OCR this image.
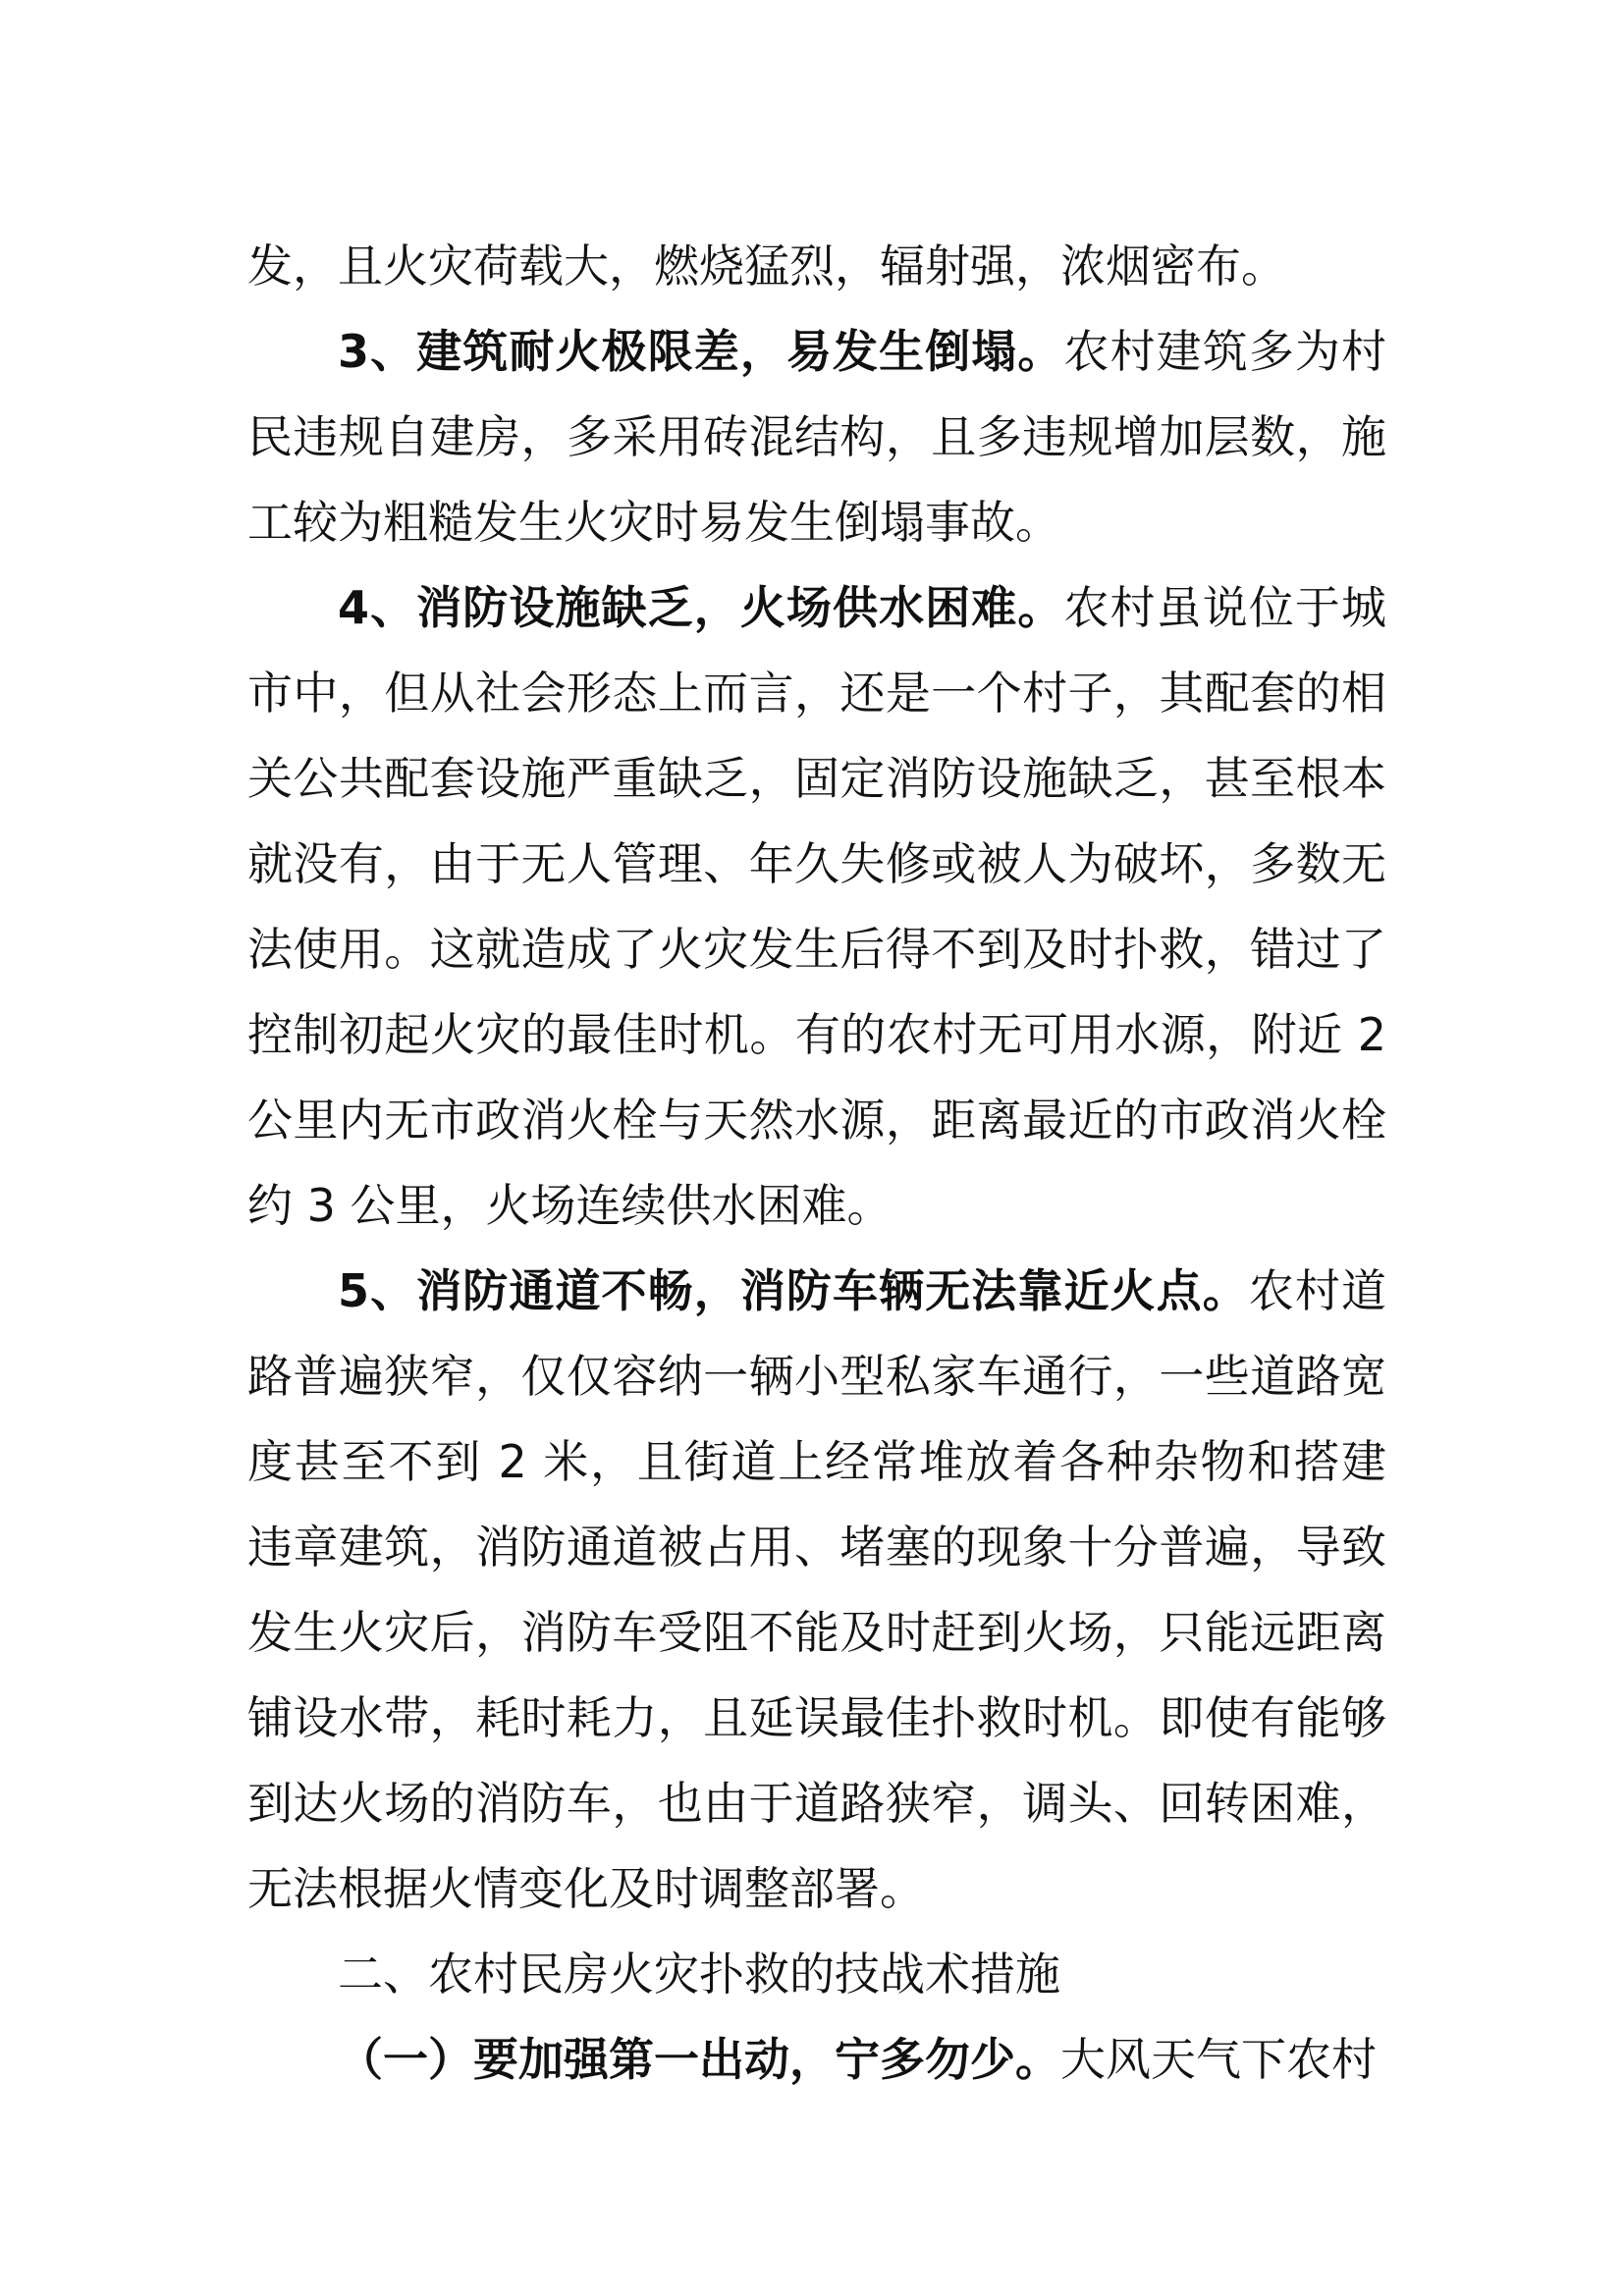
发，且火灾荷载大，燃烧猛烈，辐射强，浓烟密布。

3、建筑耐火极限差，易发生倒塌。农村建筑多为村民违规自建房，多采用砖混结构，且多违规增加层数，施工较为粗糙发生火灾时易发生倒塌事故。

4、消防设施缺乏，火场供水困难。农村虽说位于城市中，但从社会形态上而言，还是一个村子，其配套的相关公共配套设施严重缺乏，固定消防设施缺乏，甚至根本就没有，由于无人管理、年久失修或被人为破坏，多数无法使用。这就造成了火灾发生后得不到及时扑救，错过了控制初起火灾的最佳时机。有的农村无可用水源，附近 2 公里内无市政消火栓与天然水源，距离最近的市政消火栓约 3 公里，火场连续供水困难。

5、消防通道不畅，消防车辆无法靠近火点。农村道路普遍狭窄，仅仅容纳一辆小型私家车通行，一些道路宽度甚至不到 2 米，且街道上经常堆放着各种杂物和搭建违章建筑，消防通道被占用、堵塞的现象十分普遍，导致发生火灾后，消防车受阻不能及时赶到火场，只能远距离铺设水带，耗时耗力，且延误最佳扑救时机。即使有能够到达火场的消防车，也由于道路狭窄，调头、回转困难，无法根据火情变化及时调整部署。

二、农村民房火灾扑救的技战术措施

（一）要加强第一出动，宁多勿少。大风天气下农村
